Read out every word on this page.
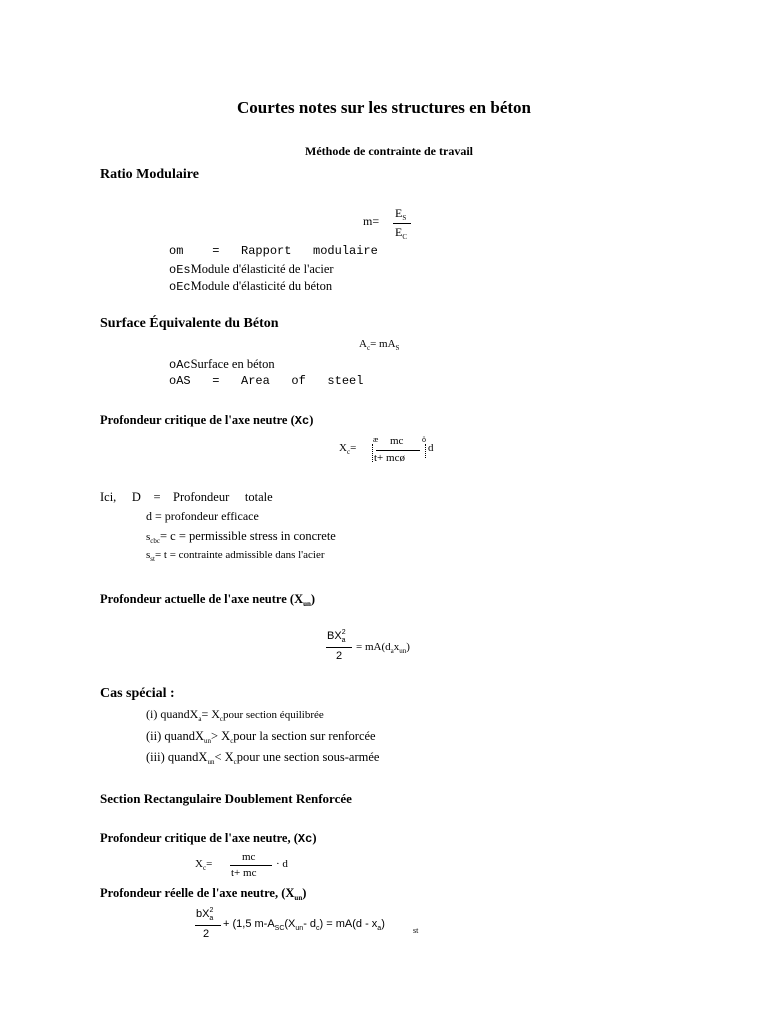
Courtes notes sur les structures en béton
Méthode de contrainte de travail
Ratio Modulaire
m=
$E_S$
$E_C$
om    =   Rapport   modulaire
oEsModule d'élasticité de l'acier
oEcModule d'élasticité du béton
Surface Équivalente du Béton
$A_c= mA_S$
oAcSurface en béton
oAS   =   Area   of   steel
Profondeur critique de l'axe neutre (Xc)
$X_c=$
æ mc ö
t+ mcø
d
Ici,     D    =    Profondeur     totale
d = profondeur efficace
$s_{cbc}= c$ = permissible stress in concrete
$s_{st}= t$ = contrainte admissible dans l'acier
Profondeur actuelle de l'axe neutre $(X_{un})$
$BX^2_a$
2
= $mA(d_ax_{un})$
Cas spécial :
(i) quandX$_a$= $X_cpour$ section équilibrée
(ii) quandX$_{un}$> $X_cpour$ la section sur renforcée
(iii) quandX$_{un}$< $X_cpour$ une section sous-armée
Section Rectangulaire Doublement Renforcée
Profondeur critique de l'axe neutre, (Xc)
$X_c=$
mc
t+ mc
· d
Profondeur réelle de l'axe neutre, $(X_{un})$
$bX^2_a$
2
+ (1,5 $m-A_{SC}(X_{un}-$ $d_c) = mA(d - x_a)$
st
